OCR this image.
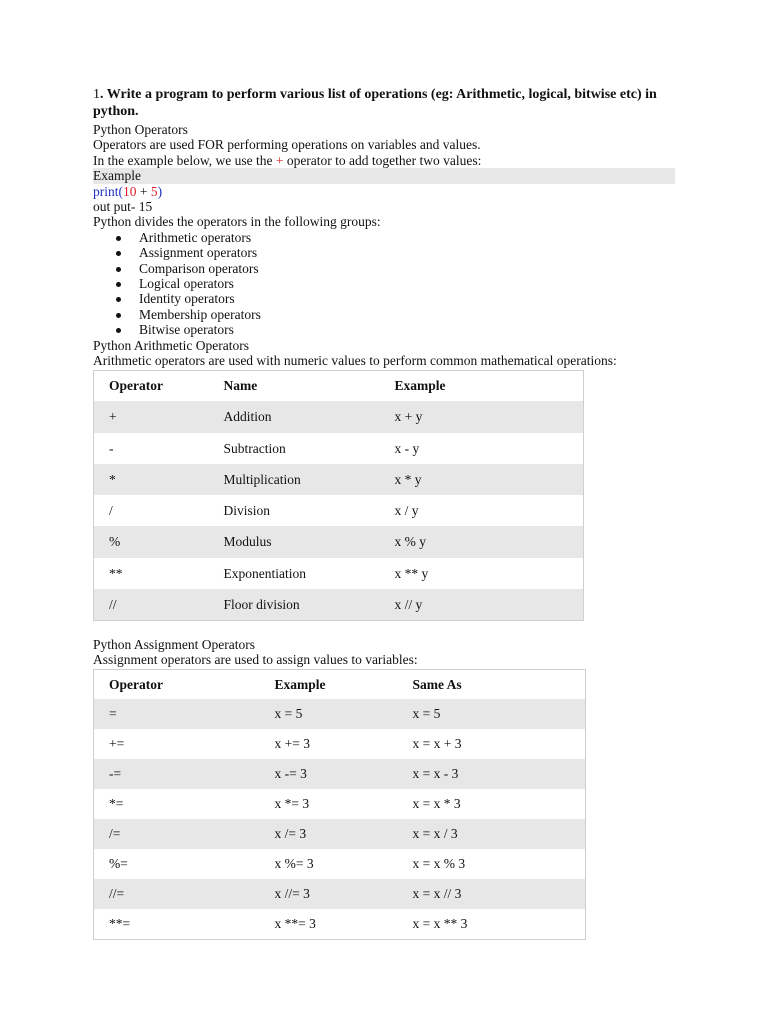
1. Write a program to perform various list of operations (eg: Arithmetic, logical, bitwise etc) in python.
Python Operators
Operators are used FOR performing operations on variables and values.
In the example below, we use the + operator to add together two values:
Example
print(10 + 5)
out put- 15
Python divides the operators in the following groups:
Arithmetic operators
Assignment operators
Comparison operators
Logical operators
Identity operators
Membership operators
Bitwise operators
Python Arithmetic Operators
Arithmetic operators are used with numeric values to perform common mathematical operations:
Operator	Name	Example
+	Addition	x + y
-	Subtraction	x - y
*	Multiplication	x * y
/	Division	x / y
%	Modulus	x % y
**	Exponentiation	x ** y
//	Floor division	x // y
Python Assignment Operators
Assignment operators are used to assign values to variables:
Operator	Example	Same As
=	x = 5	x = 5
+=	x += 3	x = x + 3
-=	x -= 3	x = x - 3
*=	x *= 3	x = x * 3
/=	x /= 3	x = x / 3
%=	x %= 3	x = x % 3
//=	x //= 3	x = x // 3
**=	x **= 3	x = x ** 3
